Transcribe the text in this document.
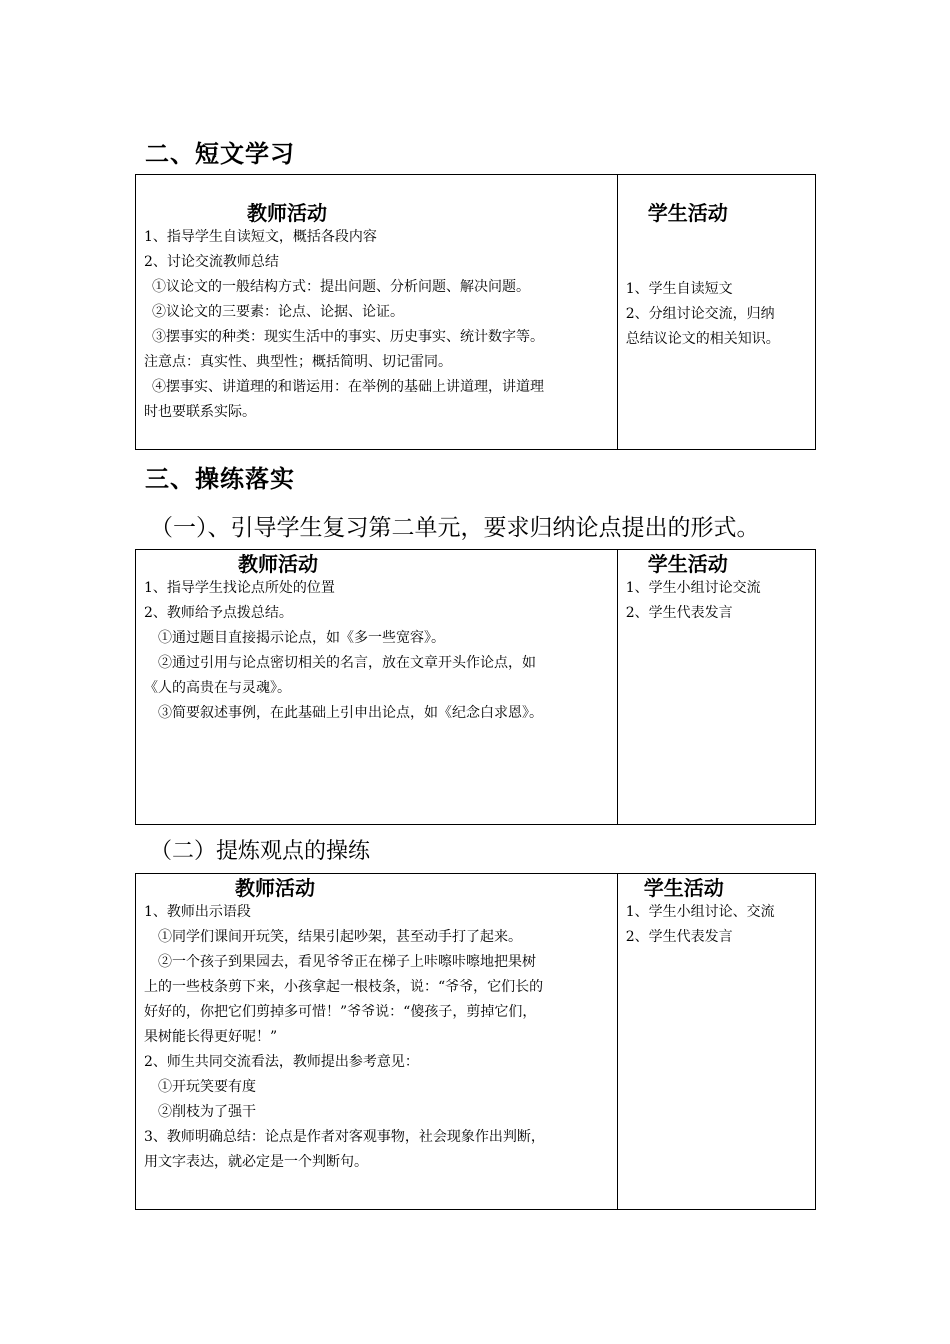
二、短文学习
教师活动
1、指导学生自读短文，概括各段内容
2、讨论交流教师总结
①议论文的一般结构方式：提出问题、分析问题、解决问题。
②议论文的三要素：论点、论据、论证。
③摆事实的种类：现实生活中的事实、历史事实、统计数字等。
注意点：真实性、典型性；概括简明、切记雷同。
④摆事实、讲道理的和谐运用：在举例的基础上讲道理，讲道理
时也要联系实际。

学生活动
1、学生自读短文
2、分组讨论交流，归纳
总结议论文的相关知识。
三、操练落实
（一）、引导学生复习第二单元，要求归纳论点提出的形式。
教师活动
1、指导学生找论点所处的位置
2、教师给予点拨总结。
①通过题目直接揭示论点，如《多一些宽容》。
②通过引用与论点密切相关的名言，放在文章开头作论点，如
《人的高贵在与灵魂》。
③简要叙述事例，在此基础上引申出论点，如《纪念白求恩》。

学生活动
1、学生小组讨论交流
2、学生代表发言
（二）提炼观点的操练
教师活动
1、教师出示语段
①同学们课间开玩笑，结果引起吵架，甚至动手打了起来。
②一个孩子到果园去，看见爷爷正在梯子上咔嚓咔嚓地把果树
上的一些枝条剪下来，小孩拿起一根枝条，说：“爷爷，它们长的
好好的，你把它们剪掉多可惜！”爷爷说：“傻孩子，剪掉它们，
果树能长得更好呢！”
2、师生共同交流看法，教师提出参考意见：
①开玩笑要有度
②削枝为了强干
3、教师明确总结：论点是作者对客观事物，社会现象作出判断，
用文字表达，就必定是一个判断句。

学生活动
1、学生小组讨论、交流
2、学生代表发言
